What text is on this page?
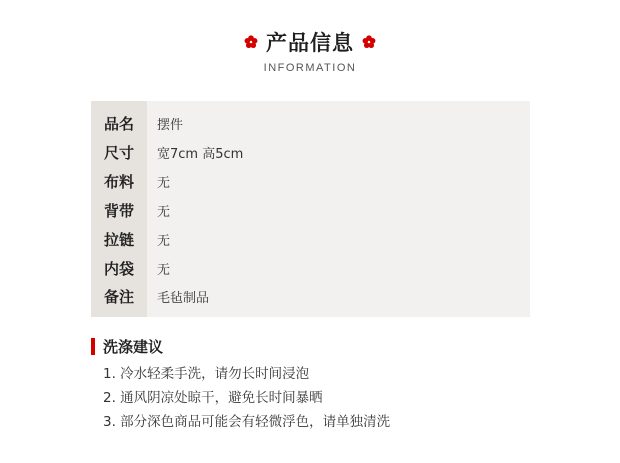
产品信息
INFORMATION
品名	摆件
尺寸	宽7cm 高5cm
布料	无
背带	无
拉链	无
内袋	无
备注	毛毡制品
洗涤建议
1. 冷水轻柔手洗，请勿长时间浸泡
2. 通风阴凉处晾干，避免长时间暴晒
3. 部分深色商品可能会有轻微浮色，请单独清洗
